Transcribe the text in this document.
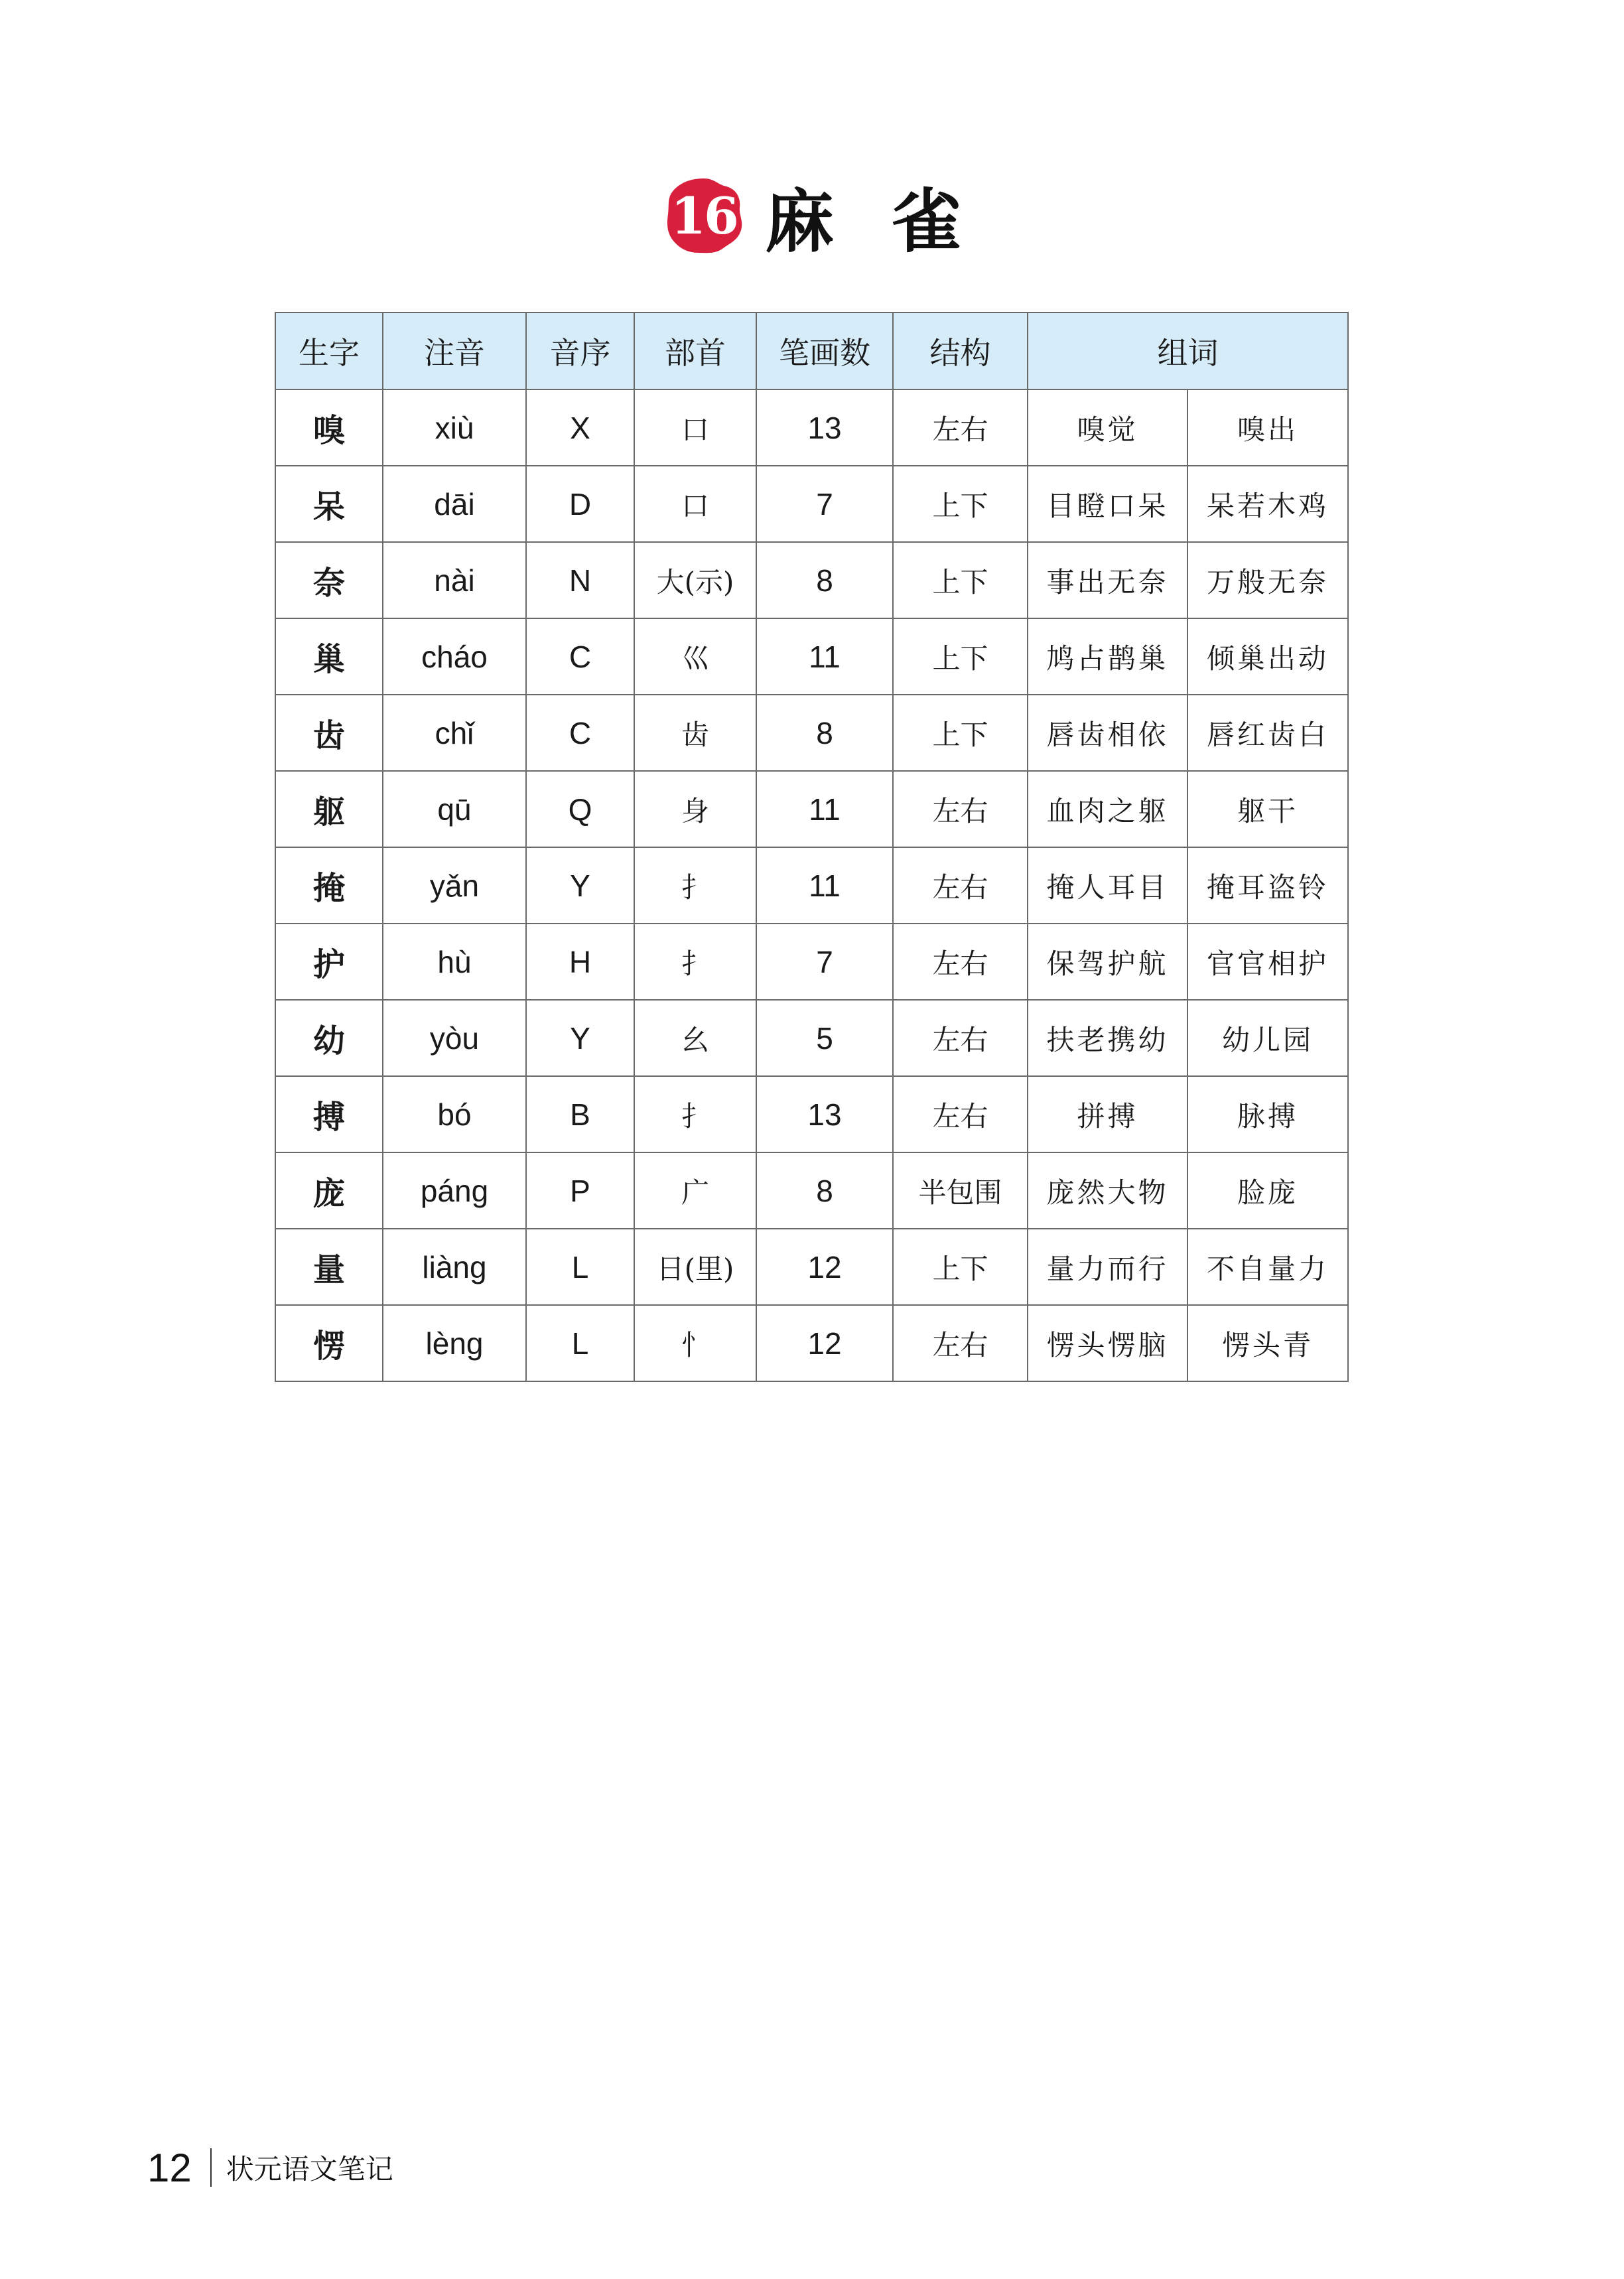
16 麻雀
生字	注音	音序	部首	笔画数	结构	组词	
嗅	xiù	X	口	13	左右	嗅觉	嗅出
呆	dāi	D	口	7	上下	目瞪口呆	呆若木鸡
奈	nài	N	大(示)	8	上下	事出无奈	万般无奈
巢	cháo	C	巛	11	上下	鸠占鹊巢	倾巢出动
齿	chǐ	C	齿	8	上下	唇齿相依	唇红齿白
躯	qū	Q	身	11	左右	血肉之躯	躯干
掩	yǎn	Y	扌	11	左右	掩人耳目	掩耳盗铃
护	hù	H	扌	7	左右	保驾护航	官官相护
幼	yòu	Y	幺	5	左右	扶老携幼	幼儿园
搏	bó	B	扌	13	左右	拼搏	脉搏
庞	páng	P	广	8	半包围	庞然大物	脸庞
量	liàng	L	日(里)	12	上下	量力而行	不自量力
愣	lèng	L	忄	12	左右	愣头愣脑	愣头青
12 状元语文笔记
